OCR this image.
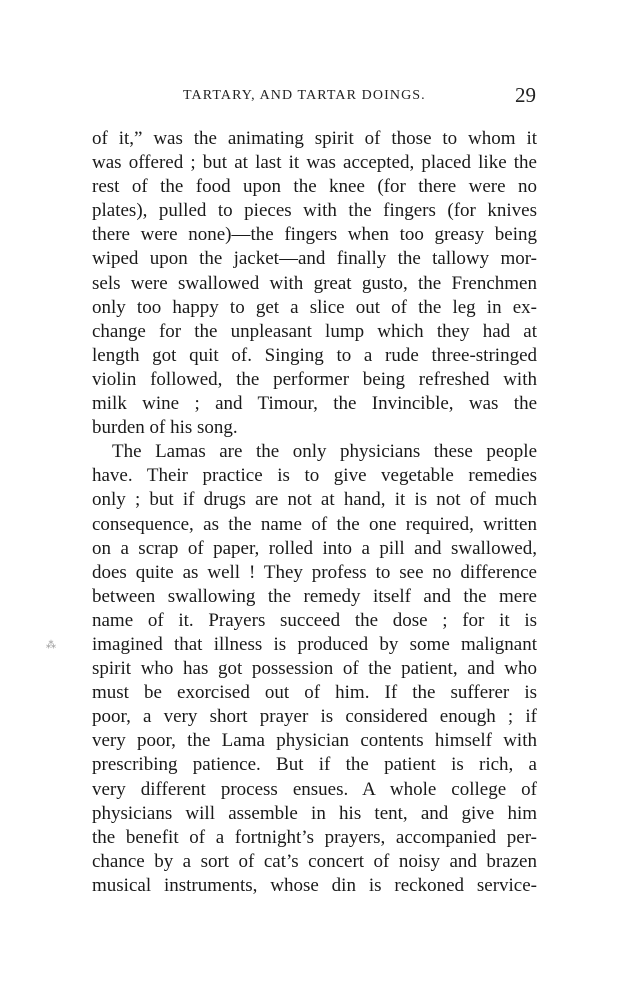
TARTARY, AND TARTAR DOINGS.	29
⁂
of it,” was the animating spirit of those to whom it
was offered ; but at last it was accepted, placed like the
rest of the food upon the knee (for there were no
plates), pulled to pieces with the fingers (for knives
there were none)—the fingers when too greasy being
wiped upon the jacket—and finally the tallowy mor-
sels were swallowed with great gusto, the Frenchmen
only too happy to get a slice out of the leg in ex-
change for the unpleasant lump which they had at
length got quit of. Singing to a rude three-stringed
violin followed, the performer being refreshed with
milk wine ; and Timour, the Invincible, was the
burden of his song.
The Lamas are the only physicians these people
have. Their practice is to give vegetable remedies
only ; but if drugs are not at hand, it is not of much
consequence, as the name of the one required, written
on a scrap of paper, rolled into a pill and swallowed,
does quite as well ! They profess to see no difference
between swallowing the remedy itself and the mere
name of it. Prayers succeed the dose ; for it is
imagined that illness is produced by some malignant
spirit who has got possession of the patient, and who
must be exorcised out of him. If the sufferer is
poor, a very short prayer is considered enough ; if
very poor, the Lama physician contents himself with
prescribing patience. But if the patient is rich, a
very different process ensues. A whole college of
physicians will assemble in his tent, and give him
the benefit of a fortnight’s prayers, accompanied per-
chance by a sort of cat’s concert of noisy and brazen
musical instruments, whose din is reckoned service-
